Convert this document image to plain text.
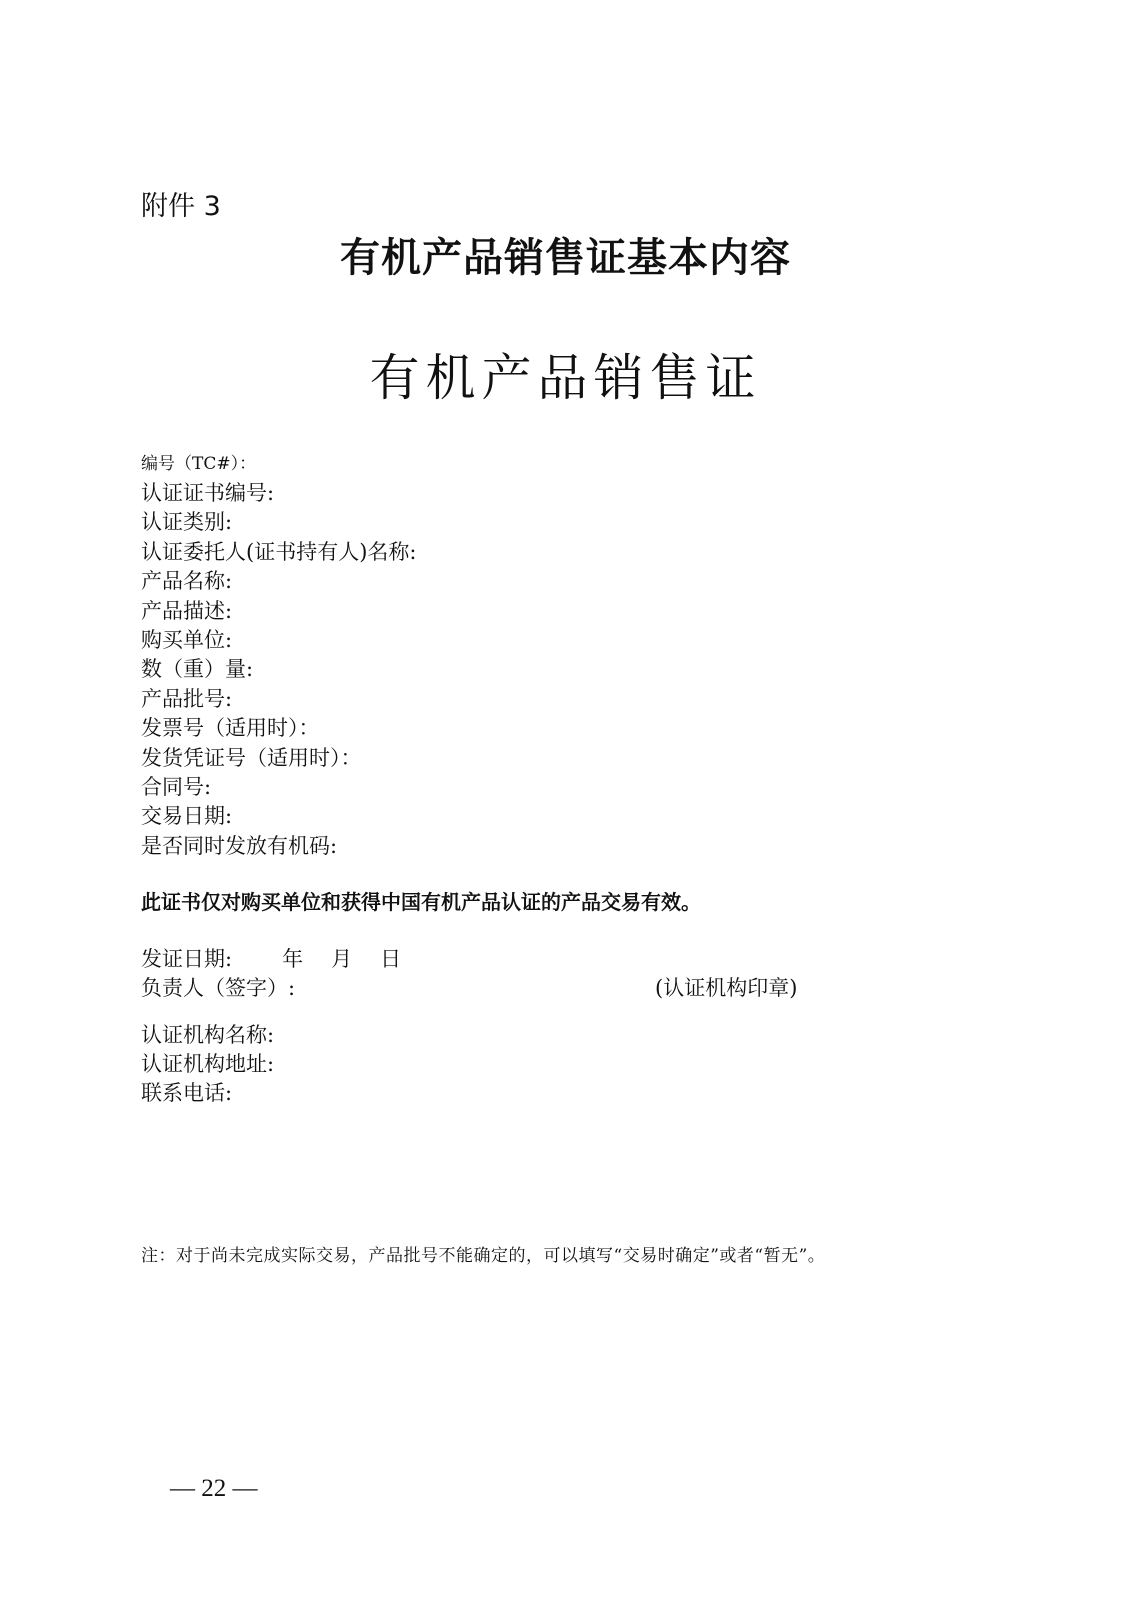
附件 3
有机产品销售证基本内容
有机产品销售证
编号（TC#）：
认证证书编号:
认证类别:
认证委托人(证书持有人)名称:
产品名称:
产品描述:
购买单位:
数（重）量:
产品批号:
发票号（适用时）：
发货凭证号（适用时）：
合同号:
交易日期:
是否同时发放有机码:
此证书仅对购买单位和获得中国有机产品认证的产品交易有效。
发证日期: 年 月 日
负责人（签字）:	(认证机构印章)
认证机构名称:
认证机构地址:
联系电话:
注：对于尚未完成实际交易，产品批号不能确定的，可以填写“交易时确定”或者“暂无”。
— 22 —
